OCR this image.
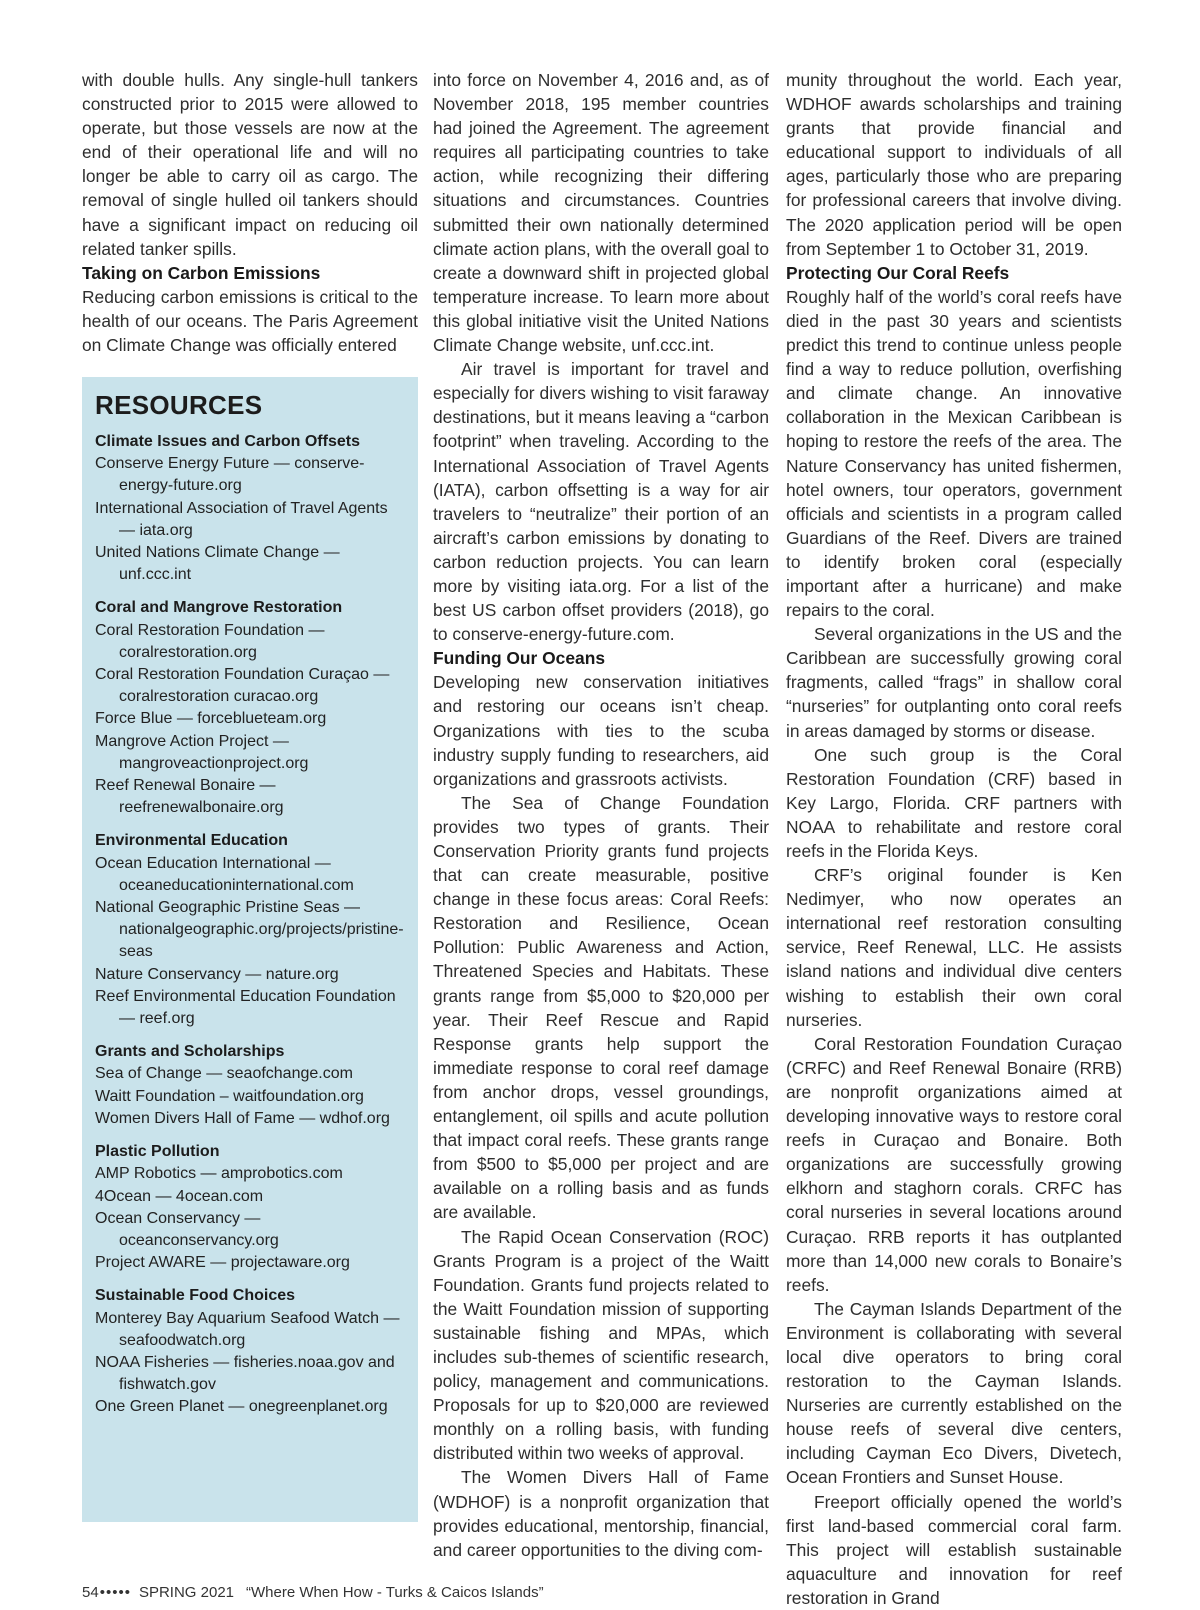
with double hulls. Any single-hull tankers constructed prior to 2015 were allowed to operate, but those vessels are now at the end of their operational life and will no longer be able to carry oil as cargo. The removal of single hulled oil tankers should have a significant impact on reducing oil related tanker spills.

Taking on Carbon Emissions

Reducing carbon emissions is critical to the health of our oceans. The Paris Agreement on Climate Change was officially entered

RESOURCES
Climate Issues and Carbon Offsets
Conserve Energy Future — conserve-energy-future.org
International Association of Travel Agents — iata.org
United Nations Climate Change — unf.ccc.int
Coral and Mangrove Restoration
Coral Restoration Foundation — coralrestoration.org
Coral Restoration Foundation Curaçao — coralrestoration curacao.org
Force Blue — forceblueteam.org
Mangrove Action Project — mangroveactionproject.org
Reef Renewal Bonaire — reefrenewalbonaire.org
Environmental Education
Ocean Education International — oceaneducationinternational.com
National Geographic Pristine Seas — nationalgeographic.org/projects/pristine-seas
Nature Conservancy — nature.org
Reef Environmental Education Foundation — reef.org
Grants and Scholarships
Sea of Change — seaofchange.com
Waitt Foundation – waitfoundation.org
Women Divers Hall of Fame — wdhof.org
Plastic Pollution
AMP Robotics — amprobotics.com
4Ocean — 4ocean.com
Ocean Conservancy — oceanconservancy.org
Project AWARE — projectaware.org
Sustainable Food Choices
Monterey Bay Aquarium Seafood Watch — seafoodwatch.org
NOAA Fisheries — fisheries.noaa.gov and fishwatch.gov
One Green Planet — onegreenplanet.org

into force on November 4, 2016 and, as of November 2018, 195 member countries had joined the Agreement. The agreement requires all participating countries to take action, while recognizing their differing situations and circumstances. Countries submitted their own nationally determined climate action plans, with the overall goal to create a downward shift in projected global temperature increase. To learn more about this global initiative visit the United Nations Climate Change website, unf.ccc.int.

Air travel is important for travel and especially for divers wishing to visit faraway destinations, but it means leaving a “carbon footprint” when traveling. According to the International Association of Travel Agents (IATA), carbon offsetting is a way for air travelers to “neutralize” their portion of an aircraft’s carbon emissions by donating to carbon reduction projects. You can learn more by visiting iata.org. For a list of the best US carbon offset providers (2018), go to conserve-energy-future.com.

Funding Our Oceans

Developing new conservation initiatives and restoring our oceans isn’t cheap. Organizations with ties to the scuba industry supply funding to researchers, aid organizations and grassroots activists.

The Sea of Change Foundation provides two types of grants. Their Conservation Priority grants fund projects that can create measurable, positive change in these focus areas: Coral Reefs: Restoration and Resilience, Ocean Pollution: Public Awareness and Action, Threatened Species and Habitats. These grants range from $5,000 to $20,000 per year. Their Reef Rescue and Rapid Response grants help support the immediate response to coral reef damage from anchor drops, vessel groundings, entanglement, oil spills and acute pollution that impact coral reefs. These grants range from $500 to $5,000 per project and are available on a rolling basis and as funds are available.

The Rapid Ocean Conservation (ROC) Grants Program is a project of the Waitt Foundation. Grants fund projects related to the Waitt Foundation mission of supporting sustainable fishing and MPAs, which includes sub-themes of scientific research, policy, management and communications. Proposals for up to $20,000 are reviewed monthly on a rolling basis, with funding distributed within two weeks of approval.

The Women Divers Hall of Fame (WDHOF) is a nonprofit organization that provides educational, mentorship, financial, and career opportunities to the diving com-

munity throughout the world. Each year, WDHOF awards scholarships and training grants that provide financial and educational support to individuals of all ages, particularly those who are preparing for professional careers that involve diving. The 2020 application period will be open from September 1 to October 31, 2019.

Protecting Our Coral Reefs

Roughly half of the world’s coral reefs have died in the past 30 years and scientists predict this trend to continue unless people find a way to reduce pollution, overfishing and climate change. An innovative collaboration in the Mexican Caribbean is hoping to restore the reefs of the area. The Nature Conservancy has united fishermen, hotel owners, tour operators, government officials and scientists in a program called Guardians of the Reef. Divers are trained to identify broken coral (especially important after a hurricane) and make repairs to the coral.

Several organizations in the US and the Caribbean are successfully growing coral fragments, called “frags” in shallow coral “nurseries” for outplanting onto coral reefs in areas damaged by storms or disease.

One such group is the Coral Restoration Foundation (CRF) based in Key Largo, Florida. CRF partners with NOAA to rehabilitate and restore coral reefs in the Florida Keys.

CRF’s original founder is Ken Nedimyer, who now operates an international reef restoration consulting service, Reef Renewal, LLC. He assists island nations and individual dive centers wishing to establish their own coral nurseries.

Coral Restoration Foundation Curaçao (CRFC) and Reef Renewal Bonaire (RRB) are nonprofit organizations aimed at developing innovative ways to restore coral reefs in Curaçao and Bonaire. Both organizations are successfully growing elkhorn and staghorn corals. CRFC has coral nurseries in several locations around Curaçao. RRB reports it has outplanted more than 14,000 new corals to Bonaire’s reefs.

The Cayman Islands Department of the Environment is collaborating with several local dive operators to bring coral restoration to the Cayman Islands. Nurseries are currently established on the house reefs of several dive centers, including Cayman Eco Divers, Divetech, Ocean Frontiers and Sunset House.

Freeport officially opened the world’s first land-based commercial coral farm. This project will establish sustainable aquaculture and innovation for reef restoration in Grand

54••••• SPRING 2021 “Where When How - Turks & Caicos Islands”
